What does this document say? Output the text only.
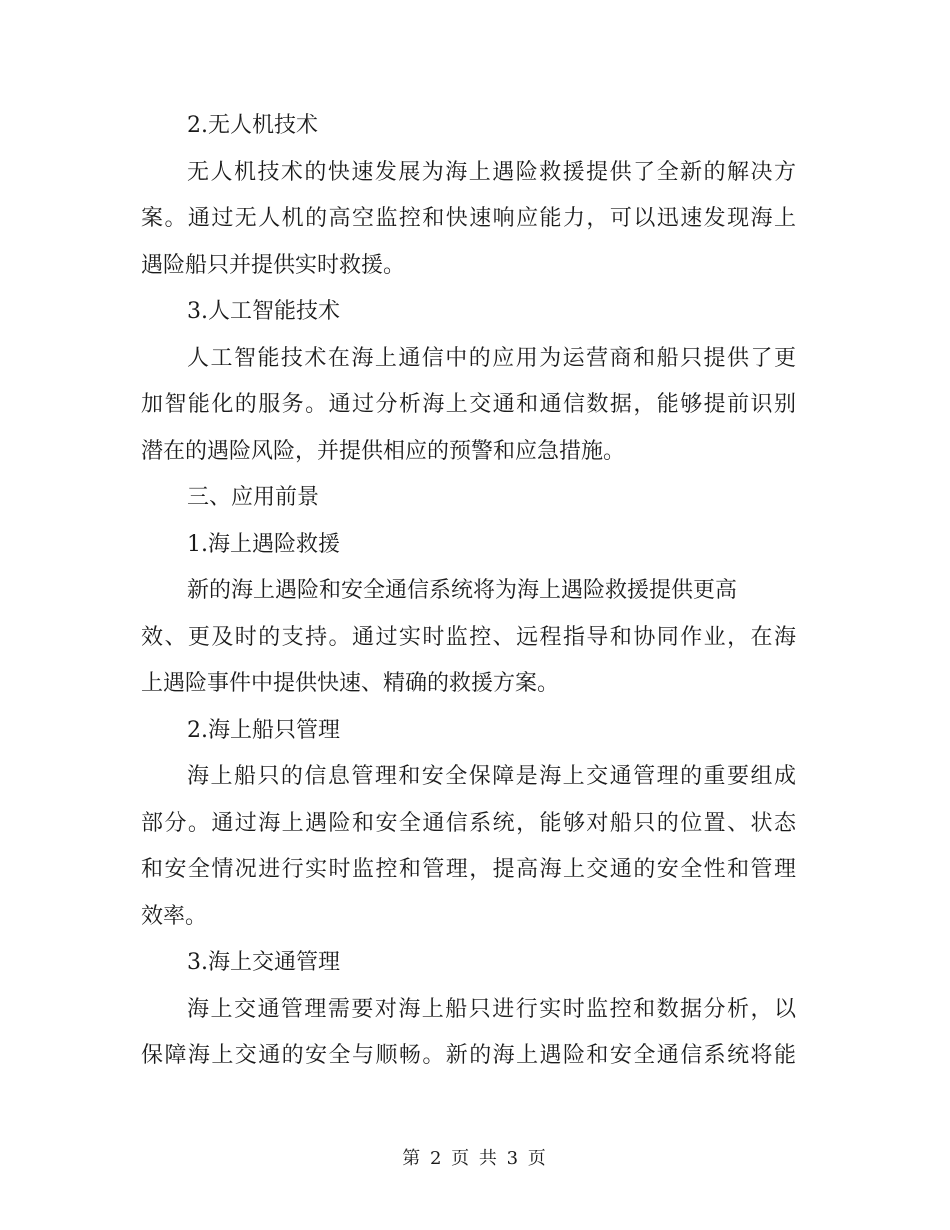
2.无人机技术
无人机技术的快速发展为海上遇险救援提供了全新的解决方
案。通过无人机的高空监控和快速响应能力，可以迅速发现海上
遇险船只并提供实时救援。
3.人工智能技术
人工智能技术在海上通信中的应用为运营商和船只提供了更
加智能化的服务。通过分析海上交通和通信数据，能够提前识别
潜在的遇险风险，并提供相应的预警和应急措施。
三、应用前景
1.海上遇险救援
新的海上遇险和安全通信系统将为海上遇险救援提供更高
效、更及时的支持。通过实时监控、远程指导和协同作业，在海
上遇险事件中提供快速、精确的救援方案。
2.海上船只管理
海上船只的信息管理和安全保障是海上交通管理的重要组成
部分。通过海上遇险和安全通信系统，能够对船只的位置、状态
和安全情况进行实时监控和管理，提高海上交通的安全性和管理
效率。
3.海上交通管理
海上交通管理需要对海上船只进行实时监控和数据分析，以
保障海上交通的安全与顺畅。新的海上遇险和安全通信系统将能
第 2 页 共 3 页
